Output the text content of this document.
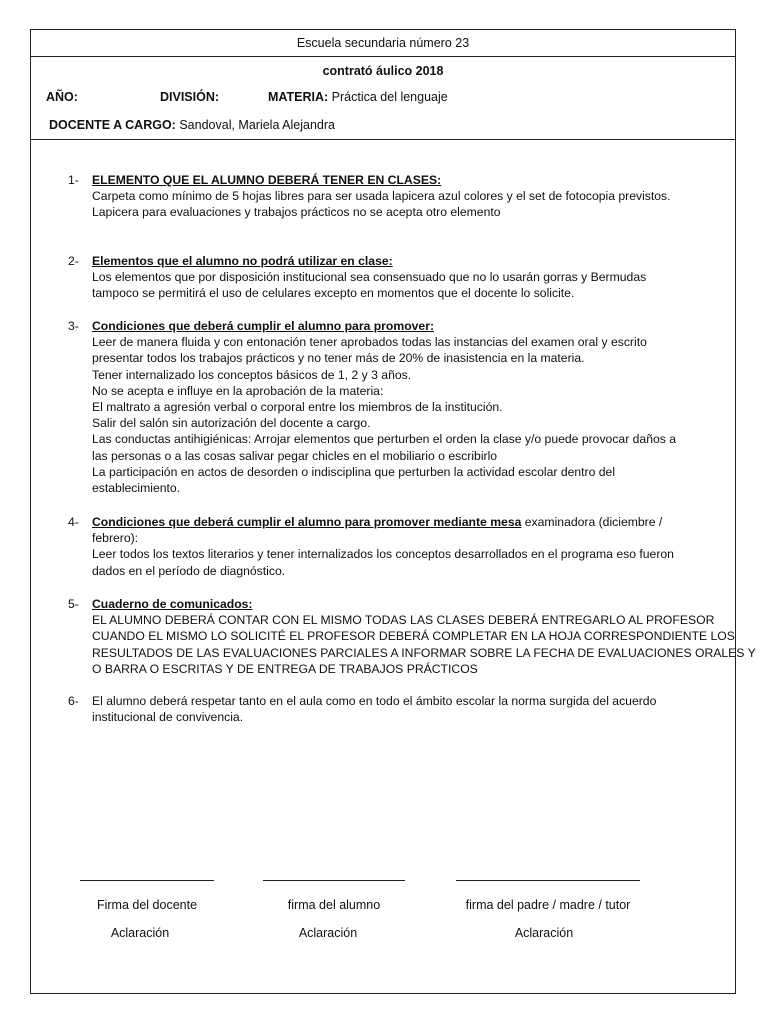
Escuela secundaria número 23
contrató áulico 2018
AÑO:	DIVISIÓN:	MATERIA: Práctica del lenguaje
DOCENTE A CARGO: Sandoval, Mariela Alejandra
1-	ELEMENTO QUE EL ALUMNO DEBERÁ TENER EN CLASES:
Carpeta como mínimo de 5 hojas libres para ser usada lapicera azul colores y el set de fotocopia previstos.
Lapicera para evaluaciones y trabajos prácticos no se acepta otro elemento
2-	Elementos que el alumno no podrá utilizar en clase:
Los elementos que por disposición institucional sea consensuado que no lo usarán gorras y Bermudas
tampoco se permitirá el uso de celulares excepto en momentos que el docente lo solicite.
3-	Condiciones que deberá cumplir el alumno para promover:
Leer de manera fluida y con entonación tener aprobados todas las instancias del examen oral y escrito
presentar todos los trabajos prácticos y no tener más de 20% de inasistencia en la materia.
Tener internalizado los conceptos básicos de 1, 2 y 3 años.
No se acepta e influye en la aprobación de la materia:
El maltrato a agresión verbal o corporal entre los miembros de la institución.
Salir del salón sin autorización del docente a cargo.
Las conductas antihigiénicas: Arrojar elementos que perturben el orden la clase y/o puede provocar daños a
las personas o a las cosas salivar pegar chicles en el mobiliario o escribirlo
La participación en actos de desorden o indisciplina que perturben la actividad escolar dentro del
establecimiento.
4-	Condiciones que deberá cumplir el alumno para promover mediante mesa examinadora (diciembre /
febrero):
Leer todos los textos literarios y tener internalizados los conceptos desarrollados en el programa eso fueron
dados en el período de diagnóstico.
5-	Cuaderno de comunicados:
EL ALUMNO DEBERÁ CONTAR CON EL MISMO TODAS LAS CLASES DEBERÁ ENTREGARLO AL PROFESOR
CUANDO EL MISMO LO SOLICITÉ EL PROFESOR DEBERÁ COMPLETAR EN LA HOJA CORRESPONDIENTE LOS
RESULTADOS DE LAS EVALUACIONES PARCIALES A INFORMAR SOBRE LA FECHA DE EVALUACIONES ORALES Y
O BARRA O ESCRITAS Y DE ENTREGA DE TRABAJOS PRÁCTICOS
6-	El alumno deberá respetar tanto en el aula como en todo el ámbito escolar la norma surgida del acuerdo
institucional de convivencia.
Firma del docente	firma del alumno	firma del padre / madre / tutor
Aclaración	Aclaración	Aclaración
